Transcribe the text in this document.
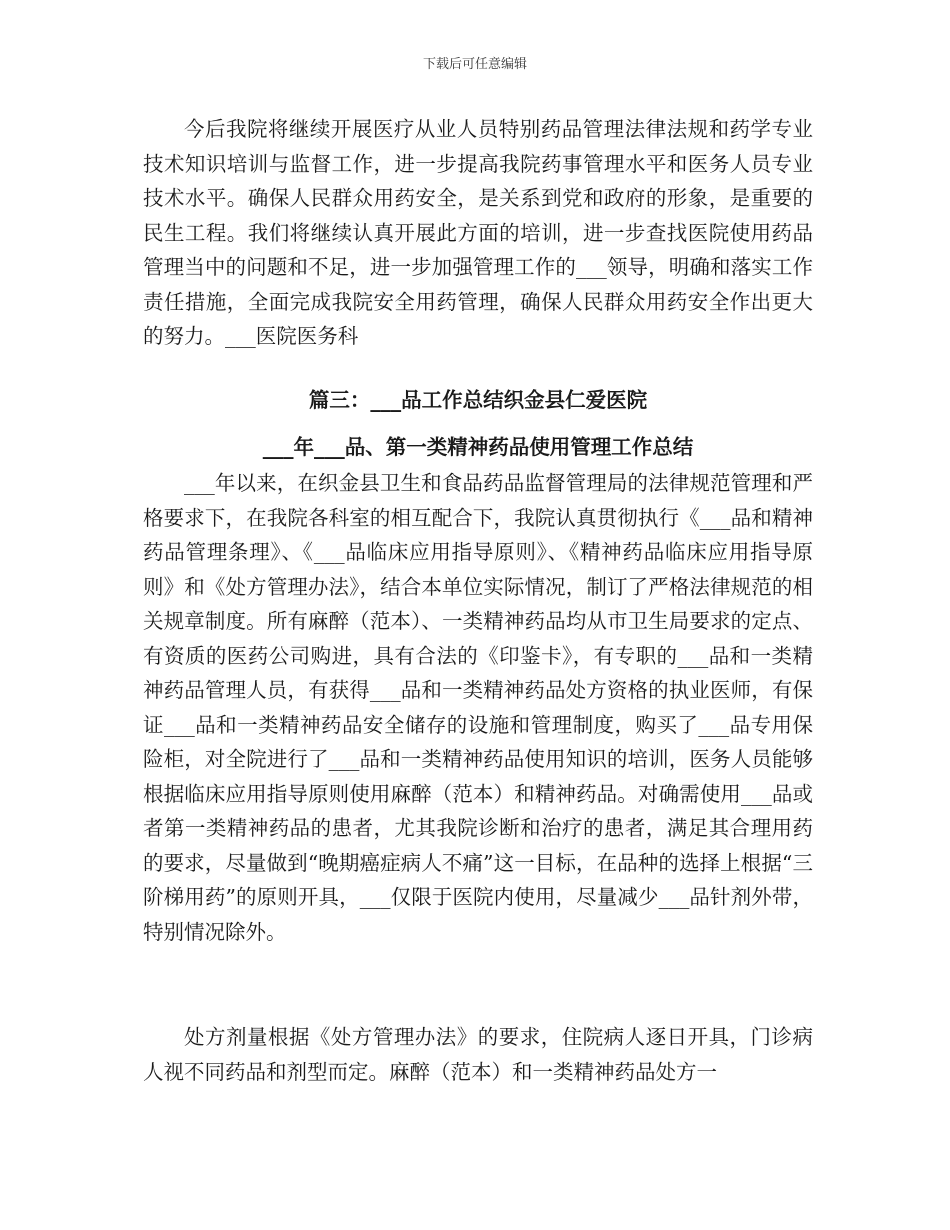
下载后可任意编辑

今后我院将继续开展医疗从业人员特别药品管理法律法规和药学专业技术知识培训与监督工作，进一步提高我院药事管理水平和医务人员专业技术水平。确保人民群众用药安全，是关系到党和政府的形象，是重要的民生工程。我们将继续认真开展此方面的培训，进一步查找医院使用药品管理当中的问题和不足，进一步加强管理工作的___领导，明确和落实工作责任措施，全面完成我院安全用药管理，确保人民群众用药安全作出更大的努力。___医院医务科

篇三：___品工作总结织金县仁爱医院
___年___品、第一类精神药品使用管理工作总结

___年以来，在织金县卫生和食品药品监督管理局的法律规范管理和严格要求下，在我院各科室的相互配合下，我院认真贯彻执行《___品和精神药品管理条理》、《___品临床应用指导原则》、《精神药品临床应用指导原则》和《处方管理办法》，结合本单位实际情况，制订了严格法律规范的相关规章制度。所有麻醉（范本）、一类精神药品均从市卫生局要求的定点、有资质的医药公司购进，具有合法的《印鉴卡》，有专职的___品和一类精神药品管理人员，有获得___品和一类精神药品处方资格的执业医师，有保证___品和一类精神药品安全储存的设施和管理制度，购买了___品专用保险柜，对全院进行了___品和一类精神药品使用知识的培训，医务人员能够根据临床应用指导原则使用麻醉（范本）和精神药品。对确需使用___品或者第一类精神药品的患者，尤其我院诊断和治疗的患者，满足其合理用药的要求，尽量做到“晚期癌症病人不痛”这一目标，在品种的选择上根据“三阶梯用药”的原则开具，___仅限于医院内使用，尽量减少___品针剂外带，特别情况除外。

处方剂量根据《处方管理办法》的要求，住院病人逐日开具，门诊病人视不同药品和剂型而定。麻醉（范本）和一类精神药品处方一
